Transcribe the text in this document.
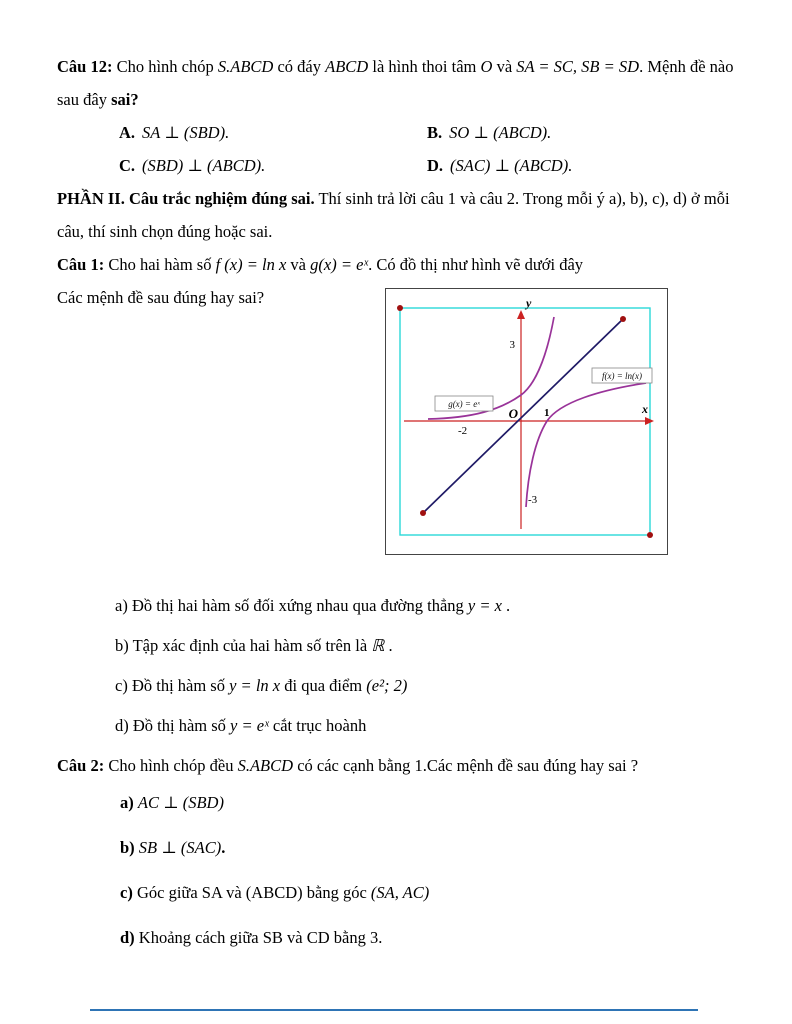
Câu 12: Cho hình chóp S.ABCD có đáy ABCD là hình thoi tâm O và SA = SC, SB = SD. Mệnh đề nào sau đây sai?

A. SA ⊥ (SBD).	B. SO ⊥ (ABCD).
C. (SBD) ⊥ (ABCD).	D. (SAC) ⊥ (ABCD).

PHẦN II. Câu trắc nghiệm đúng sai. Thí sinh trả lời câu 1 và câu 2. Trong mỗi ý a), b), c), d) ở mỗi câu, thí sinh chọn đúng hoặc sai.

Câu 1: Cho hai hàm số f (x) = ln x và g(x) = eˣ. Có đồ thị như hình vẽ dưới đây

Các mệnh đề sau đúng hay sai?

g(x) = eˣ
f(x) = ln(x)
y
x
O
3
1
-2
-3

a) Đồ thị hai hàm số đối xứng nhau qua đường thẳng y = x .

b) Tập xác định của hai hàm số trên là ℝ .

c) Đồ thị hàm số y = ln x đi qua điểm (e²; 2)

d) Đồ thị hàm số y = eˣ cắt trục hoành

Câu 2: Cho hình chóp đều S.ABCD có các cạnh bằng 1.Các mệnh đề sau đúng hay sai ?

a) AC ⊥ (SBD)

b) SB ⊥ (SAC).

c) Góc giữa SA và (ABCD) bằng góc (SA, AC)

d) Khoảng cách giữa SB và CD bằng 3.
